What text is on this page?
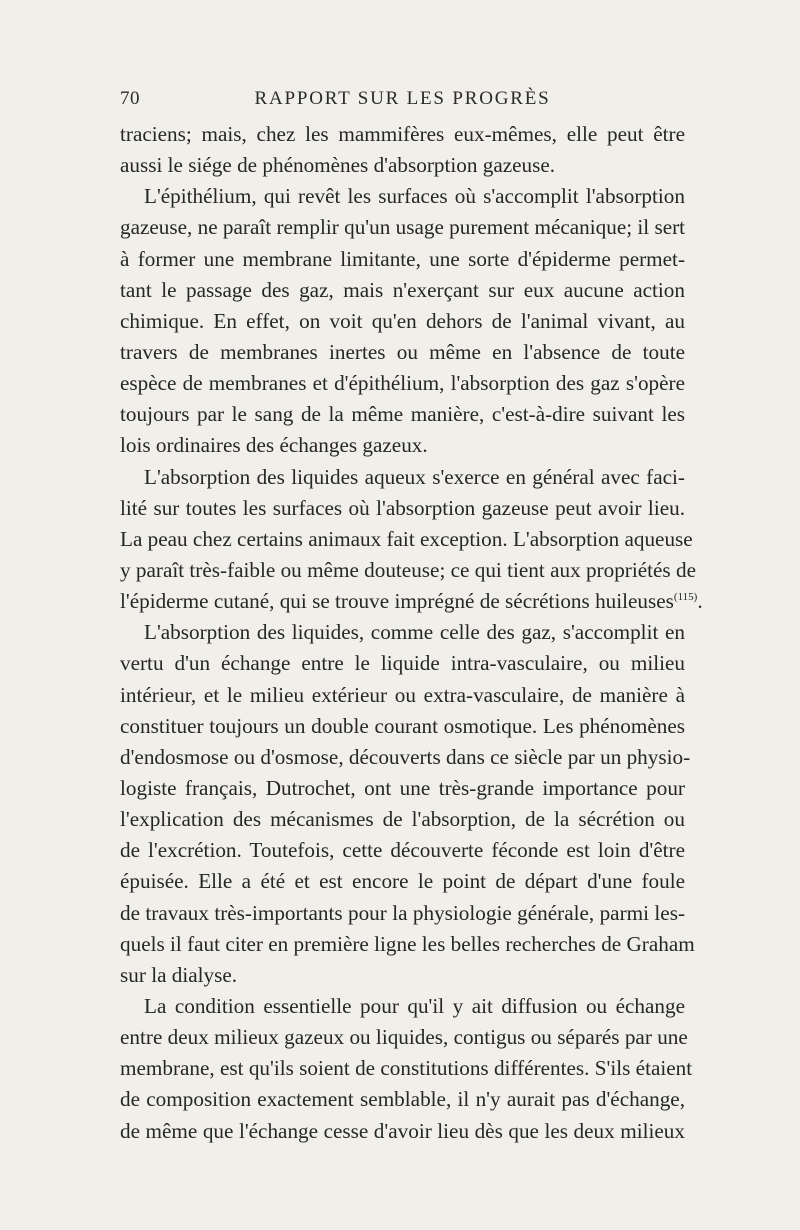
70	RAPPORT SUR LES PROGRÈS
traciens; mais, chez les mammifères eux-mêmes, elle peut être
aussi le siége de phénomènes d'absorption gazeuse.
L'épithélium, qui revêt les surfaces où s'accomplit l'absorption
gazeuse, ne paraît remplir qu'un usage purement mécanique; il sert
à former une membrane limitante, une sorte d'épiderme permet-
tant le passage des gaz, mais n'exerçant sur eux aucune action
chimique. En effet, on voit qu'en dehors de l'animal vivant, au
travers de membranes inertes ou même en l'absence de toute
espèce de membranes et d'épithélium, l'absorption des gaz s'opère
toujours par le sang de la même manière, c'est-à-dire suivant les
lois ordinaires des échanges gazeux.
L'absorption des liquides aqueux s'exerce en général avec faci-
lité sur toutes les surfaces où l'absorption gazeuse peut avoir lieu.
La peau chez certains animaux fait exception. L'absorption aqueuse
y paraît très-faible ou même douteuse; ce qui tient aux propriétés de
l'épiderme cutané, qui se trouve imprégné de sécrétions huileuses$^{(115)}$.
L'absorption des liquides, comme celle des gaz, s'accomplit en
vertu d'un échange entre le liquide intra-vasculaire, ou milieu
intérieur, et le milieu extérieur ou extra-vasculaire, de manière à
constituer toujours un double courant osmotique. Les phénomènes
d'endosmose ou d'osmose, découverts dans ce siècle par un physio-
logiste français, Dutrochet, ont une très-grande importance pour
l'explication des mécanismes de l'absorption, de la sécrétion ou
de l'excrétion. Toutefois, cette découverte féconde est loin d'être
épuisée. Elle a été et est encore le point de départ d'une foule
de travaux très-importants pour la physiologie générale, parmi les-
quels il faut citer en première ligne les belles recherches de Graham
sur la dialyse.
La condition essentielle pour qu'il y ait diffusion ou échange
entre deux milieux gazeux ou liquides, contigus ou séparés par une
membrane, est qu'ils soient de constitutions différentes. S'ils étaient
de composition exactement semblable, il n'y aurait pas d'échange,
de même que l'échange cesse d'avoir lieu dès que les deux milieux
